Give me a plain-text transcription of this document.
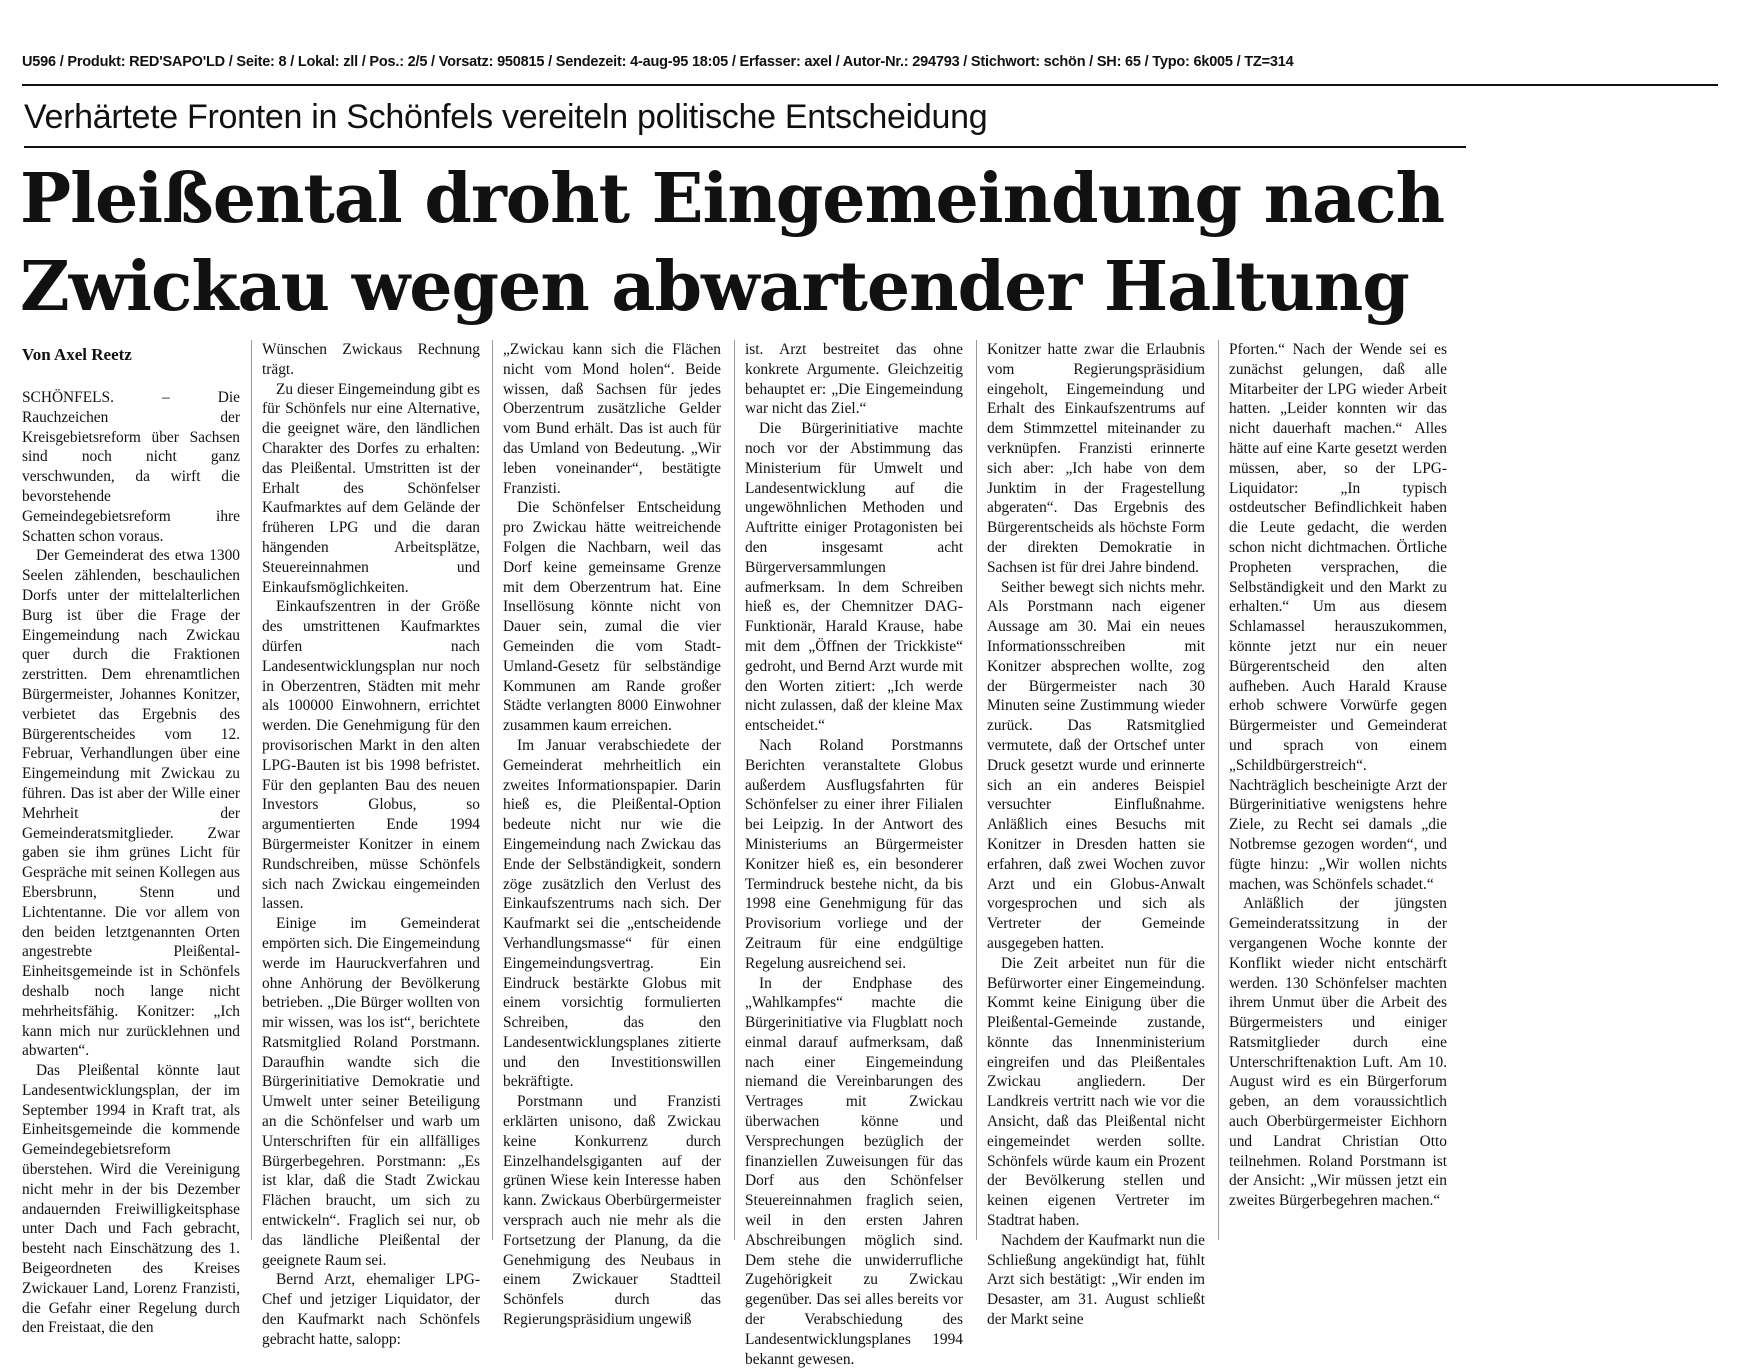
U596 / Produkt: RED'SAPO'LD / Seite: 8 / Lokal: zll / Pos.: 2/5 / Vorsatz: 950815 / Sendezeit: 4-aug-95 18:05 / Erfasser: axel / Autor-Nr.: 294793 / Stichwort: schön / SH: 65 / Typo: 6k005 / TZ=314
Verhärtete Fronten in Schönfels vereiteln politische Entscheidung
Pleißental droht Eingemeindung nach
Zwickau wegen abwartender Haltung
Von Axel Reetz

SCHÖNFELS. – Die Rauchzeichen der Kreisgebietsreform über Sachsen sind noch nicht ganz verschwunden, da wirft die bevorstehende Gemeindegebietsreform ihre Schatten schon voraus.

Der Gemeinderat des etwa 1300 Seelen zählenden, beschaulichen Dorfs unter der mittelalterlichen Burg ist über die Frage der Eingemeindung nach Zwickau quer durch die Fraktionen zerstritten. Dem ehrenamtlichen Bürgermeister, Johannes Konitzer, verbietet das Ergebnis des Bürgerentscheides vom 12. Februar, Verhandlungen über eine Eingemeindung mit Zwickau zu führen. Das ist aber der Wille einer Mehrheit der Gemeinderatsmitglieder. Zwar gaben sie ihm grünes Licht für Gespräche mit seinen Kollegen aus Ebersbrunn, Stenn und Lichtentanne. Die vor allem von den beiden letztgenannten Orten angestrebte Pleißental-Einheitsgemeinde ist in Schönfels deshalb noch lange nicht mehrheitsfähig. Konitzer: „Ich kann mich nur zurücklehnen und abwarten“.

Das Pleißental könnte laut Landesentwicklungsplan, der im September 1994 in Kraft trat, als Einheitsgemeinde die kommende Gemeindegebietsreform überstehen. Wird die Vereinigung nicht mehr in der bis Dezember andauernden Freiwilligkeitsphase unter Dach und Fach gebracht, besteht nach Einschätzung des 1. Beigeordneten des Kreises Zwickauer Land, Lorenz Franzisti, die Gefahr einer Regelung durch den Freistaat, die den

Wünschen Zwickaus Rechnung trägt.

Zu dieser Eingemeindung gibt es für Schönfels nur eine Alternative, die geeignet wäre, den ländlichen Charakter des Dorfes zu erhalten: das Pleißental. Umstritten ist der Erhalt des Schönfelser Kaufmarktes auf dem Gelände der früheren LPG und die daran hängenden Arbeitsplätze, Steuereinnahmen und Einkaufsmöglichkeiten.

Einkaufszentren in der Größe des umstrittenen Kaufmarktes dürfen nach Landesentwicklungsplan nur noch in Oberzentren, Städten mit mehr als 100000 Einwohnern, errichtet werden. Die Genehmigung für den provisorischen Markt in den alten LPG-Bauten ist bis 1998 befristet. Für den geplanten Bau des neuen Investors Globus, so argumentierten Ende 1994 Bürgermeister Konitzer in einem Rundschreiben, müsse Schönfels sich nach Zwickau eingemeinden lassen.

Einige im Gemeinderat empörten sich. Die Eingemeindung werde im Hauruckverfahren und ohne Anhörung der Bevölkerung betrieben. „Die Bürger wollten von mir wissen, was los ist“, berichtete Ratsmitglied Roland Porstmann. Daraufhin wandte sich die Bürgerinitiative Demokratie und Umwelt unter seiner Beteiligung an die Schönfelser und warb um Unterschriften für ein allfälliges Bürgerbegehren. Porstmann: „Es ist klar, daß die Stadt Zwickau Flächen braucht, um sich zu entwickeln“. Fraglich sei nur, ob das ländliche Pleißental der geeignete Raum sei.

Bernd Arzt, ehemaliger LPG-Chef und jetziger Liquidator, der den Kaufmarkt nach Schönfels gebracht hatte, salopp:

„Zwickau kann sich die Flächen nicht vom Mond holen“. Beide wissen, daß Sachsen für jedes Oberzentrum zusätzliche Gelder vom Bund erhält. Das ist auch für das Umland von Bedeutung. „Wir leben voneinander“, bestätigte Franzisti.

Die Schönfelser Entscheidung pro Zwickau hätte weitreichende Folgen die Nachbarn, weil das Dorf keine gemeinsame Grenze mit dem Oberzentrum hat. Eine Insellösung könnte nicht von Dauer sein, zumal die vier Gemeinden die vom Stadt-Umland-Gesetz für selbständige Kommunen am Rande großer Städte verlangten 8000 Einwohner zusammen kaum erreichen.

Im Januar verabschiedete der Gemeinderat mehrheitlich ein zweites Informationspapier. Darin hieß es, die Pleißental-Option bedeute nicht nur wie die Eingemeindung nach Zwickau das Ende der Selbständigkeit, sondern zöge zusätzlich den Verlust des Einkaufszentrums nach sich. Der Kaufmarkt sei die „entscheidende Verhandlungsmasse“ für einen Eingemeindungsvertrag. Ein Eindruck bestärkte Globus mit einem vorsichtig formulierten Schreiben, das den Landesentwicklungsplanes zitierte und den Investitionswillen bekräftigte.

Porstmann und Franzisti erklärten unisono, daß Zwickau keine Konkurrenz durch Einzelhandelsgiganten auf der grünen Wiese kein Interesse haben kann. Zwickaus Oberbürgermeister versprach auch nie mehr als die Fortsetzung der Planung, da die Genehmigung des Neubaus in einem Zwickauer Stadtteil Schönfels durch das Regierungspräsidium ungewiß

ist. Arzt bestreitet das ohne konkrete Argumente. Gleichzeitig behauptet er: „Die Eingemeindung war nicht das Ziel.“

Die Bürgerinitiative machte noch vor der Abstimmung das Ministerium für Umwelt und Landesentwicklung auf die ungewöhnlichen Methoden und Auftritte einiger Protagonisten bei den insgesamt acht Bürgerversammlungen aufmerksam. In dem Schreiben hieß es, der Chemnitzer DAG-Funktionär, Harald Krause, habe mit dem „Öffnen der Trickkiste“ gedroht, und Bernd Arzt wurde mit den Worten zitiert: „Ich werde nicht zulassen, daß der kleine Max entscheidet.“

Nach Roland Porstmanns Berichten veranstaltete Globus außerdem Ausflugsfahrten für Schönfelser zu einer ihrer Filialen bei Leipzig. In der Antwort des Ministeriums an Bürgermeister Konitzer hieß es, ein besonderer Termindruck bestehe nicht, da bis 1998 eine Genehmigung für das Provisorium vorliege und der Zeitraum für eine endgültige Regelung ausreichend sei.

In der Endphase des „Wahlkampfes“ machte die Bürgerinitiative via Flugblatt noch einmal darauf aufmerksam, daß nach einer Eingemeindung niemand die Vereinbarungen des Vertrages mit Zwickau überwachen könne und Versprechungen bezüglich der finanziellen Zuweisungen für das Dorf aus den Schönfelser Steuereinnahmen fraglich seien, weil in den ersten Jahren Abschreibungen möglich sind. Dem stehe die unwiderrufliche Zugehörigkeit zu Zwickau gegenüber. Das sei alles bereits vor der Verabschiedung des Landesentwicklungsplanes 1994 bekannt gewesen.

Konitzer hatte zwar die Erlaubnis vom Regierungspräsidium eingeholt, Eingemeindung und Erhalt des Einkaufszentrums auf dem Stimmzettel miteinander zu verknüpfen. Franzisti erinnerte sich aber: „Ich habe von dem Junktim in der Fragestellung abgeraten“. Das Ergebnis des Bürgerentscheids als höchste Form der direkten Demokratie in Sachsen ist für drei Jahre bindend.

Seither bewegt sich nichts mehr. Als Porstmann nach eigener Aussage am 30. Mai ein neues Informationsschreiben mit Konitzer absprechen wollte, zog der Bürgermeister nach 30 Minuten seine Zustimmung wieder zurück. Das Ratsmitglied vermutete, daß der Ortschef unter Druck gesetzt wurde und erinnerte sich an ein anderes Beispiel versuchter Einflußnahme. Anläßlich eines Besuchs mit Konitzer in Dresden hatten sie erfahren, daß zwei Wochen zuvor Arzt und ein Globus-Anwalt vorgesprochen und sich als Vertreter der Gemeinde ausgegeben hatten.

Die Zeit arbeitet nun für die Befürworter einer Eingemeindung. Kommt keine Einigung über die Pleißental-Gemeinde zustande, könnte das Innenministerium eingreifen und das Pleißentales Zwickau angliedern. Der Landkreis vertritt nach wie vor die Ansicht, daß das Pleißental nicht eingemeindet werden sollte. Schönfels würde kaum ein Prozent der Bevölkerung stellen und keinen eigenen Vertreter im Stadtrat haben.

Nachdem der Kaufmarkt nun die Schließung angekündigt hat, fühlt Arzt sich bestätigt: „Wir enden im Desaster, am 31. August schließt der Markt seine

Pforten.“ Nach der Wende sei es zunächst gelungen, daß alle Mitarbeiter der LPG wieder Arbeit hatten. „Leider konnten wir das nicht dauerhaft machen.“ Alles hätte auf eine Karte gesetzt werden müssen, aber, so der LPG-Liquidator: „In typisch ostdeutscher Befindlichkeit haben die Leute gedacht, die werden schon nicht dichtmachen. Örtliche Propheten versprachen, die Selbständigkeit und den Markt zu erhalten.“ Um aus diesem Schlamassel herauszukommen, könnte jetzt nur ein neuer Bürgerentscheid den alten aufheben. Auch Harald Krause erhob schwere Vorwürfe gegen Bürgermeister und Gemeinderat und sprach von einem „Schildbürgerstreich“. Nachträglich bescheinigte Arzt der Bürgerinitiative wenigstens hehre Ziele, zu Recht sei damals „die Notbremse gezogen worden“, und fügte hinzu: „Wir wollen nichts machen, was Schönfels schadet.“

Anläßlich der jüngsten Gemeinderatssitzung in der vergangenen Woche konnte der Konflikt wieder nicht entschärft werden. 130 Schönfelser machten ihrem Unmut über die Arbeit des Bürgermeisters und einiger Ratsmitglieder durch eine Unterschriftenaktion Luft. Am 10. August wird es ein Bürgerforum geben, an dem voraussichtlich auch Oberbürgermeister Eichhorn und Landrat Christian Otto teilnehmen. Roland Porstmann ist der Ansicht: „Wir müssen jetzt ein zweites Bürgerbegehren machen.“
